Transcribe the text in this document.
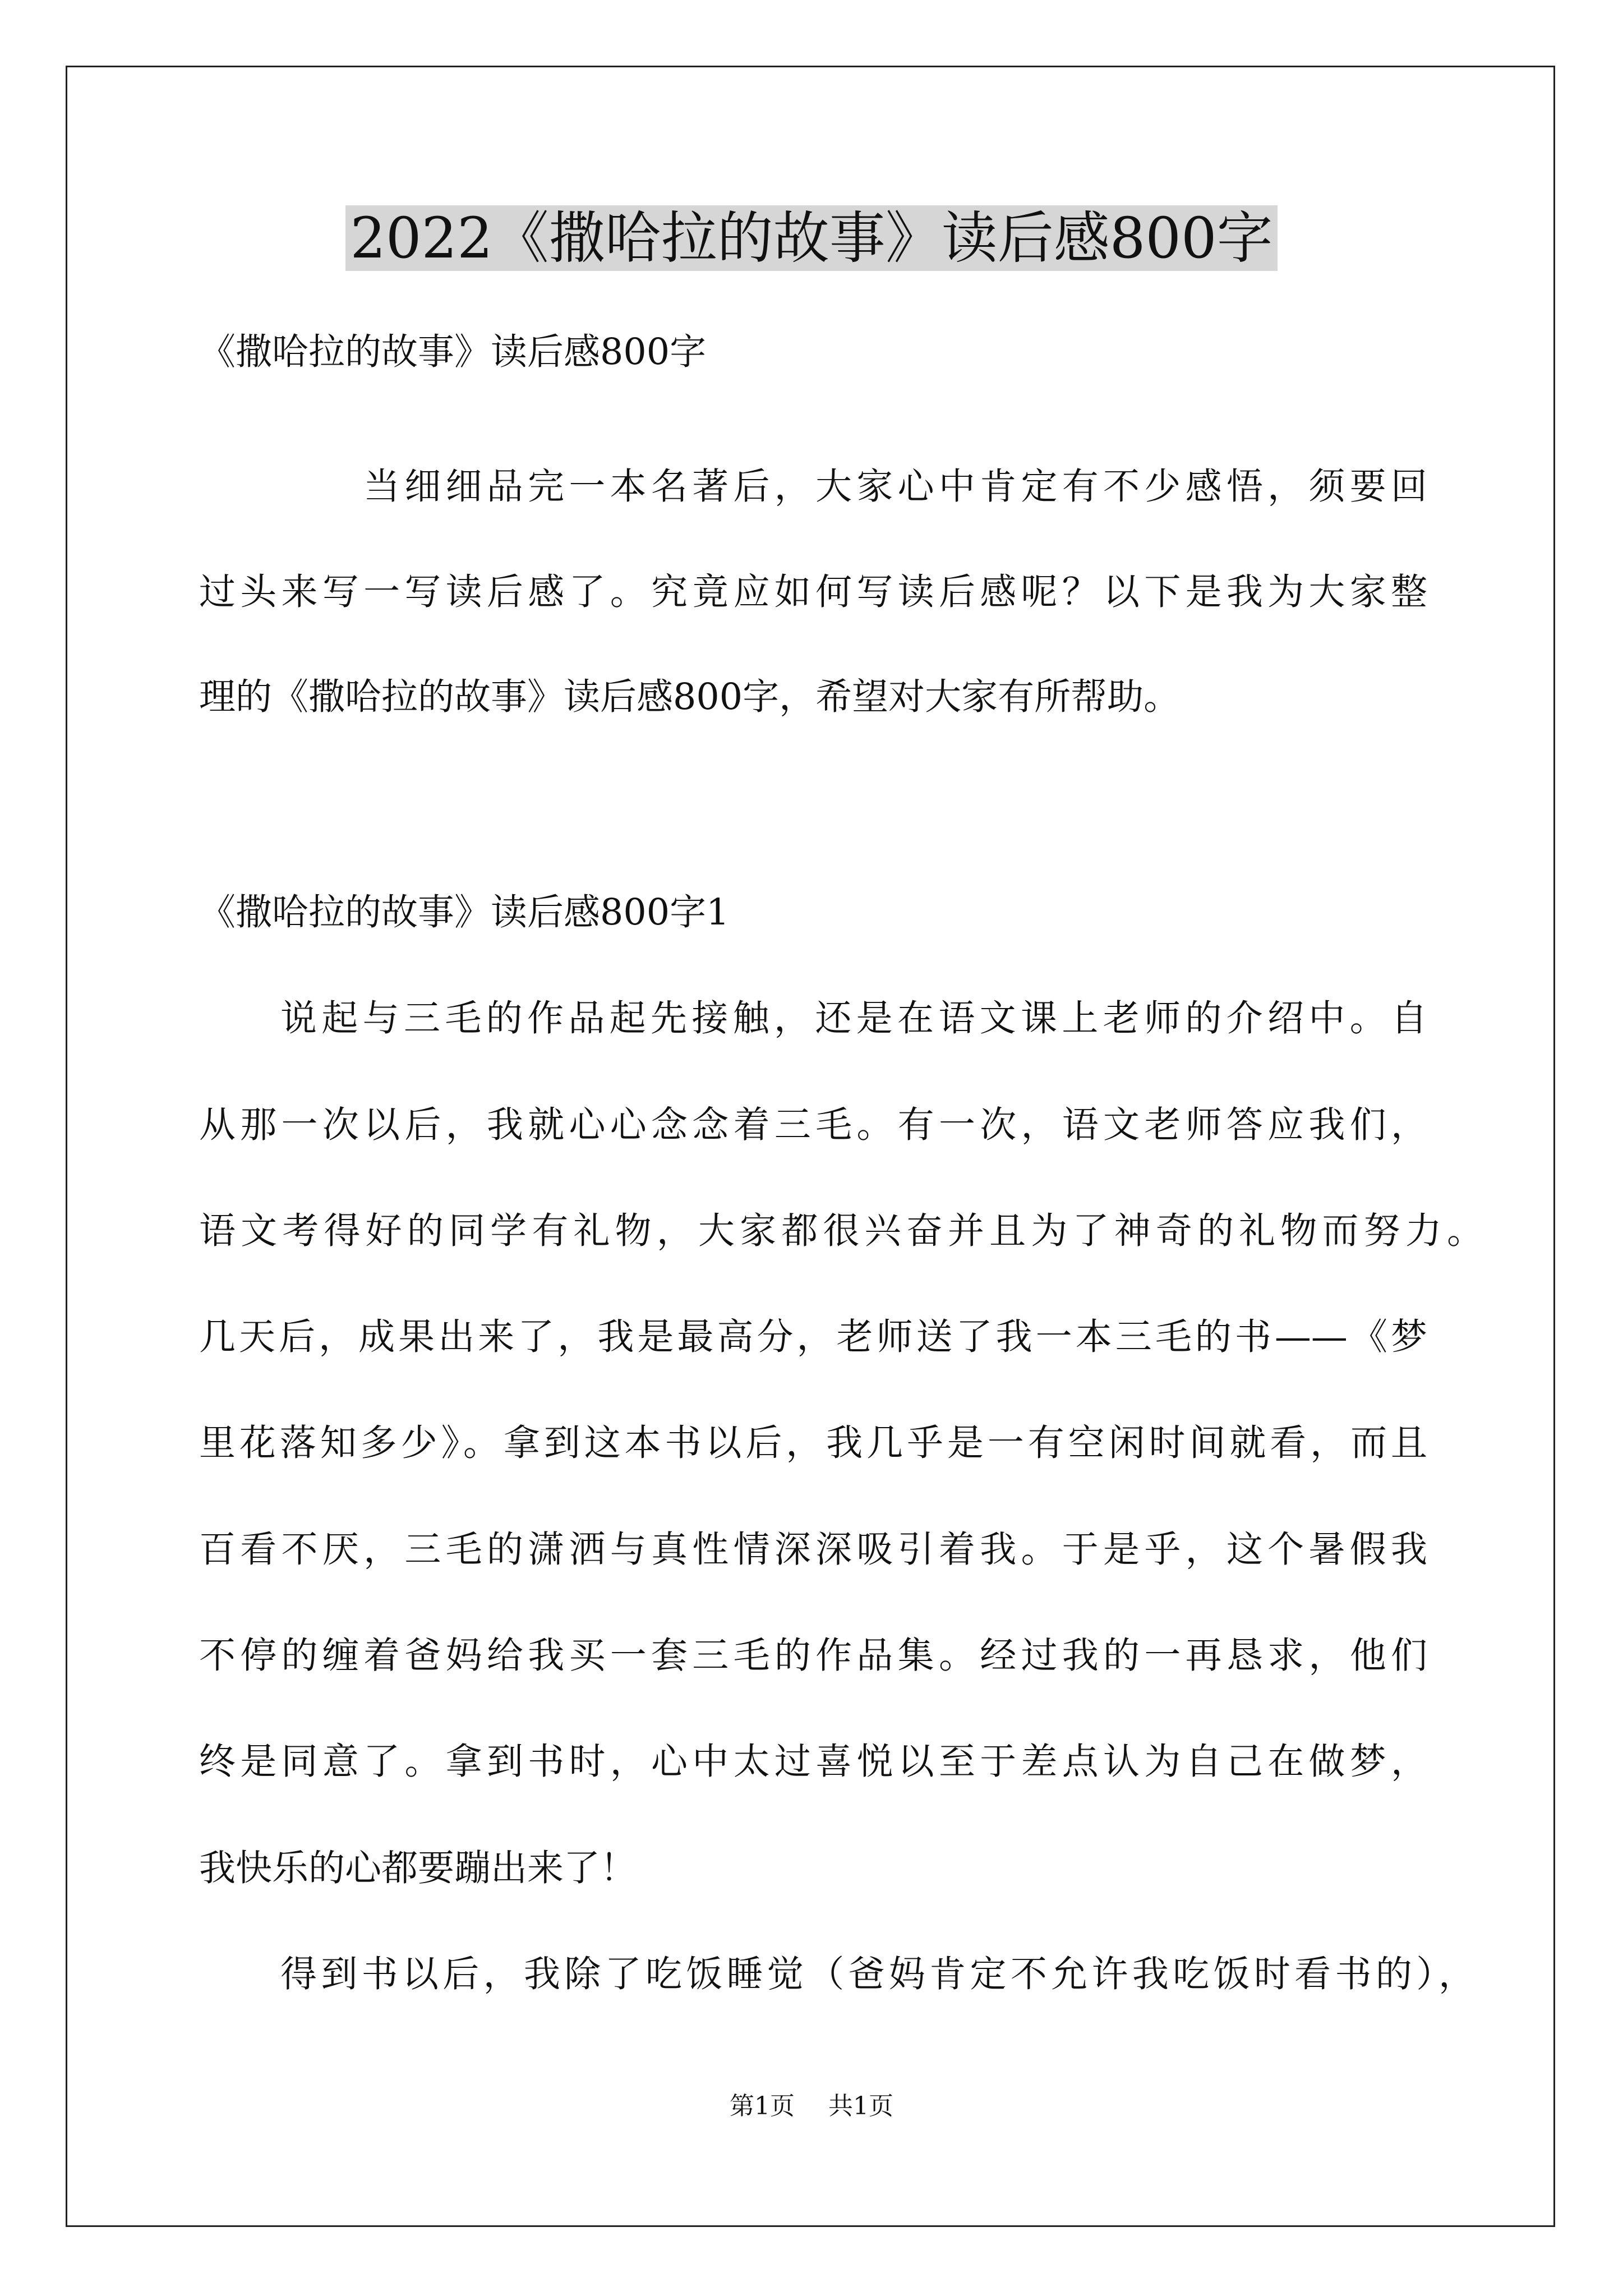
2022《撒哈拉的故事》读后感800字
《撒哈拉的故事》读后感800字
当细细品完一本名著后，大家心中肯定有不少感悟，须要回
过头来写一写读后感了。究竟应如何写读后感呢？以下是我为大家整
理的《撒哈拉的故事》读后感800字，希望对大家有所帮助。
《撒哈拉的故事》读后感800字1
说起与三毛的作品起先接触，还是在语文课上老师的介绍中。自
从那一次以后，我就心心念念着三毛。有一次，语文老师答应我们，
语文考得好的同学有礼物，大家都很兴奋并且为了神奇的礼物而努力。
几天后，成果出来了，我是最高分，老师送了我一本三毛的书——《梦
里花落知多少》。拿到这本书以后，我几乎是一有空闲时间就看，而且
百看不厌，三毛的潇洒与真性情深深吸引着我。于是乎，这个暑假我
不停的缠着爸妈给我买一套三毛的作品集。经过我的一再恳求，他们
终是同意了。拿到书时，心中太过喜悦以至于差点认为自己在做梦，
我快乐的心都要蹦出来了！
得到书以后，我除了吃饭睡觉（爸妈肯定不允许我吃饭时看书的），
第1页 共1页
